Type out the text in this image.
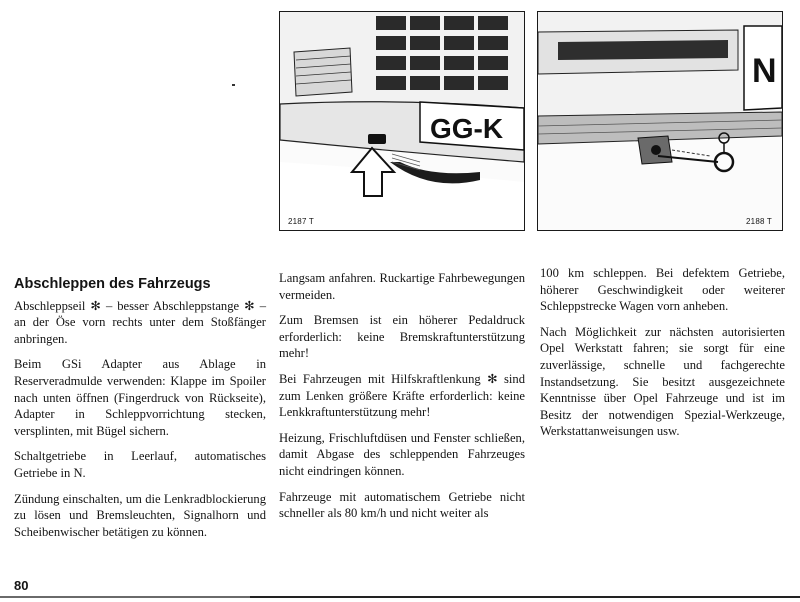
GG-K
2187 T
N
2188 T
Abschleppen des Fahrzeugs

Abschleppseil ✻ – besser Abschleppstange ✻ – an der Öse vorn rechts unter dem Stoßfänger anbringen.

Beim GSi Adapter aus Ablage in Reserveradmulde verwenden: Klappe im Spoiler nach unten öffnen (Fingerdruck von Rückseite), Adapter in Schleppvorrichtung stecken, versplinten, mit Bügel sichern.

Schaltgetriebe in Leerlauf, automatisches Getriebe in N.

Zündung einschalten, um die Lenkradblockierung zu lösen und Bremsleuchten, Signalhorn und Scheibenwischer betätigen zu können.

Langsam anfahren. Ruckartige Fahrbewegungen vermeiden.

Zum Bremsen ist ein höherer Pedaldruck erforderlich: keine Bremskraftunterstützung mehr!

Bei Fahrzeugen mit Hilfskraftlenkung ✻ sind zum Lenken größere Kräfte erforderlich: keine Lenkkraftunterstützung mehr!

Heizung, Frischluftdüsen und Fenster schließen, damit Abgase des schleppenden Fahrzeuges nicht eindringen können.

Fahrzeuge mit automatischem Getriebe nicht schneller als 80 km/h und nicht weiter als

100 km schleppen. Bei defektem Getriebe, höherer Geschwindigkeit oder weiterer Schleppstrecke Wagen vorn anheben.

Nach Möglichkeit zur nächsten autorisierten Opel Werkstatt fahren; sie sorgt für eine zuverlässige, schnelle und fachgerechte Instandsetzung. Sie besitzt ausgezeichnete Kenntnisse über Opel Fahrzeuge und ist im Besitz der notwendigen Spezial-Werkzeuge, Werkstattanweisungen usw.

80
